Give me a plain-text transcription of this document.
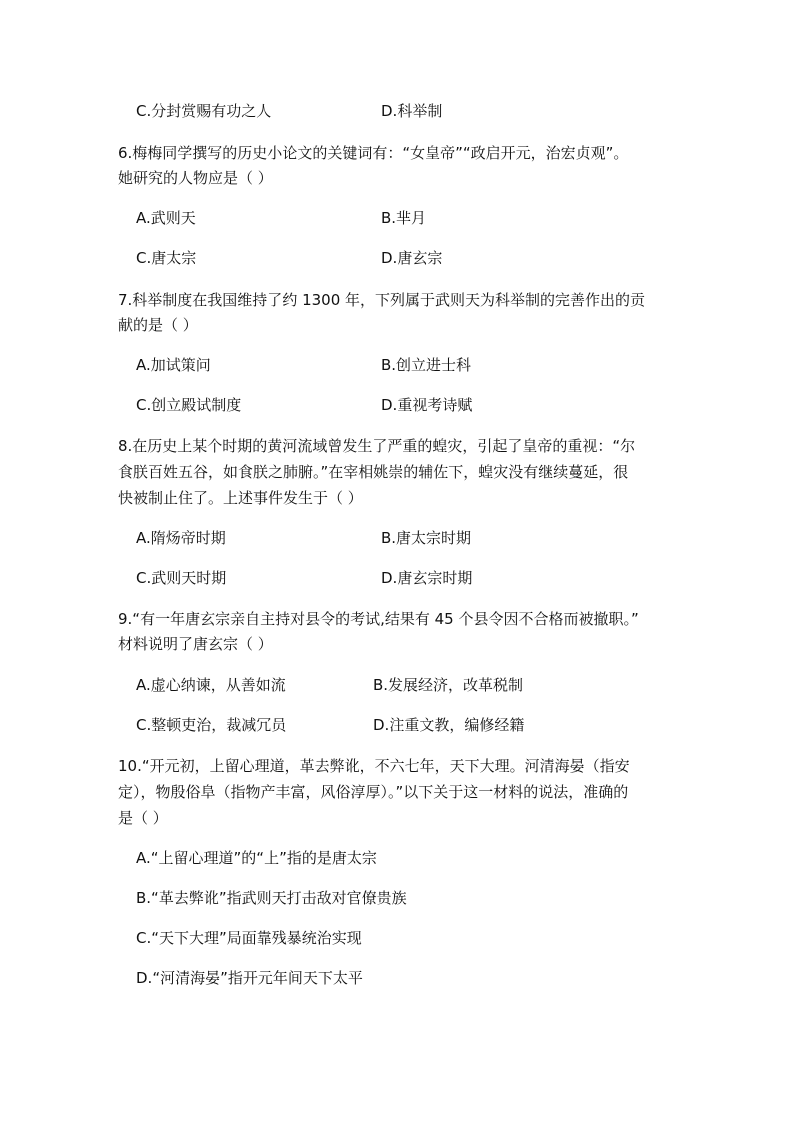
C.分封赏赐有功之人	D.科举制
6.梅梅同学撰写的历史小论文的关键词有：“女皇帝”“政启开元，治宏贞观”。
她研究的人物应是（ ）
A.武则天	B.芈月
C.唐太宗	D.唐玄宗
7.科举制度在我国维持了约 1300 年，下列属于武则天为科举制的完善作出的贡
献的是（ ）
A.加试策问	B.创立进士科
C.创立殿试制度	D.重视考诗赋
8.在历史上某个时期的黄河流域曾发生了严重的蝗灾，引起了皇帝的重视：“尔
食朕百姓五谷，如食朕之肺腑。”在宰相姚崇的辅佐下，蝗灾没有继续蔓延，很
快被制止住了。上述事件发生于（ ）
A.隋炀帝时期	B.唐太宗时期
C.武则天时期	D.唐玄宗时期
9.“有一年唐玄宗亲自主持对县令的考试,结果有 45 个县令因不合格而被撤职。”
材料说明了唐玄宗（ ）
A.虚心纳谏，从善如流	B.发展经济，改革税制
C.整顿吏治，裁减冗员	D.注重文教，编修经籍
10.“开元初，上留心理道，革去弊讹，不六七年，天下大理。河清海晏（指安
定），物殷俗阜（指物产丰富，风俗淳厚）。”以下关于这一材料的说法，准确的
是（ ）
A.“上留心理道”的“上”指的是唐太宗
B.“革去弊讹”指武则天打击敌对官僚贵族
C.“天下大理”局面靠残暴统治实现
D.“河清海晏”指开元年间天下太平
